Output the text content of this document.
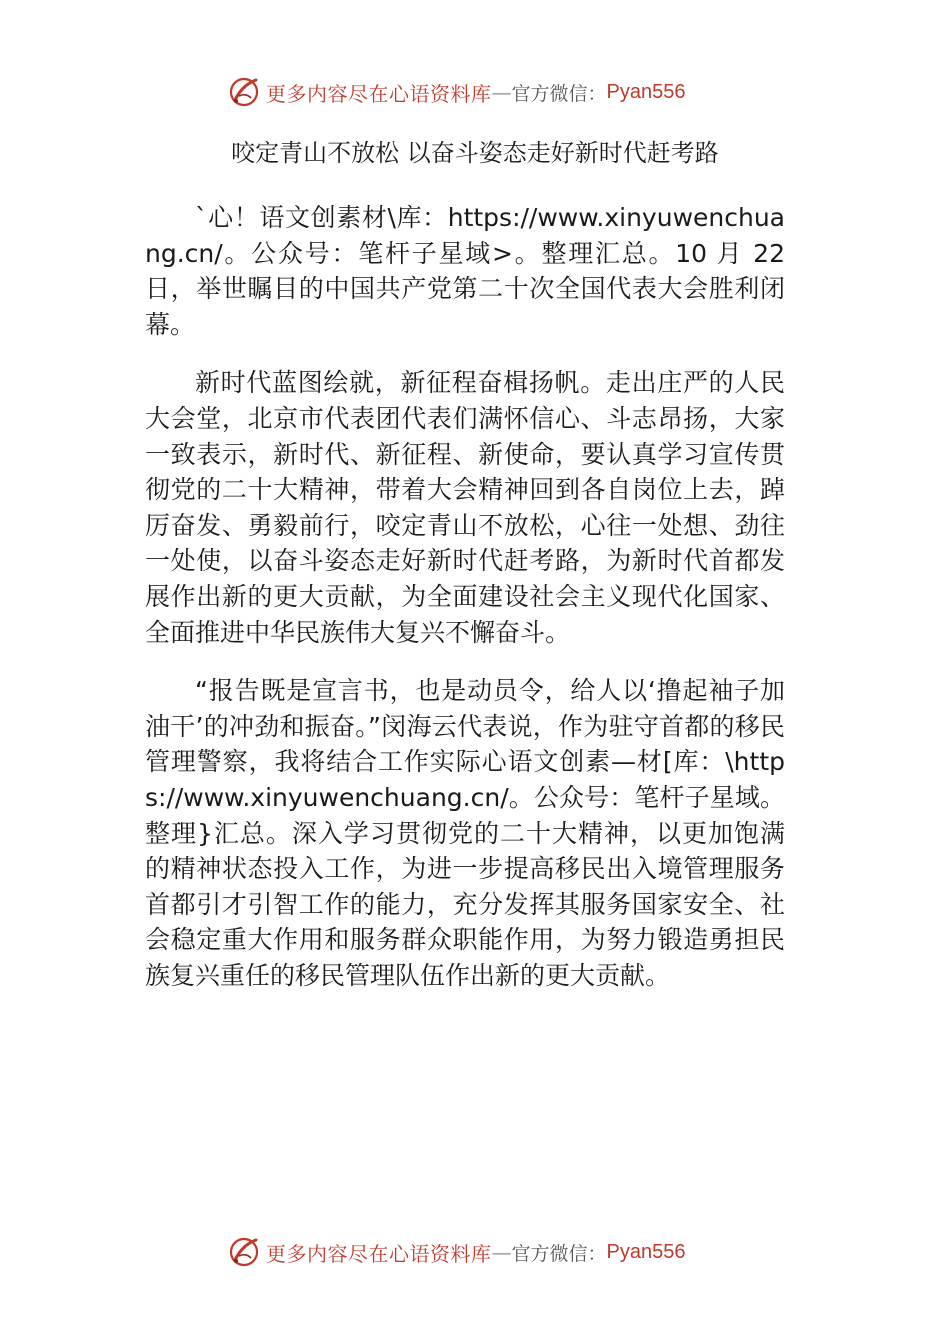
更多内容尽在心语资料库 — 官方微信： Pyan556
咬定青山不放松 以奋斗姿态走好新时代赶考路

`心！语文创素材\库：https://www.xinyuwenchuang.cn/。公众号：笔杆子星域>。整理汇总。10 月 22 日，举世瞩目的中国共产党第二十次全国代表大会胜利闭幕。

新时代蓝图绘就，新征程奋楫扬帆。走出庄严的人民大会堂，北京市代表团代表们满怀信心、斗志昂扬，大家一致表示，新时代、新征程、新使命，要认真学习宣传贯彻党的二十大精神，带着大会精神回到各自岗位上去，踔厉奋发、勇毅前行，咬定青山不放松，心往一处想、劲往一处使，以奋斗姿态走好新时代赶考路，为新时代首都发展作出新的更大贡献，为全面建设社会主义现代化国家、全面推进中华民族伟大复兴不懈奋斗。

“报告既是宣言书，也是动员令，给人以‘撸起袖子加油干’的冲劲和振奋。”闵海云代表说，作为驻守首都的移民管理警察，我将结合工作实际心语文创素—材[库：\https://www.xinyuwenchuang.cn/。公众号：笔杆子星域。整理}汇总。深入学习贯彻党的二十大精神，以更加饱满的精神状态投入工作，为进一步提高移民出入境管理服务首都引才引智工作的能力，充分发挥其服务国家安全、社会稳定重大作用和服务群众职能作用，为努力锻造勇担民族复兴重任的移民管理队伍作出新的更大贡献。

更多内容尽在心语资料库 — 官方微信： Pyan556
